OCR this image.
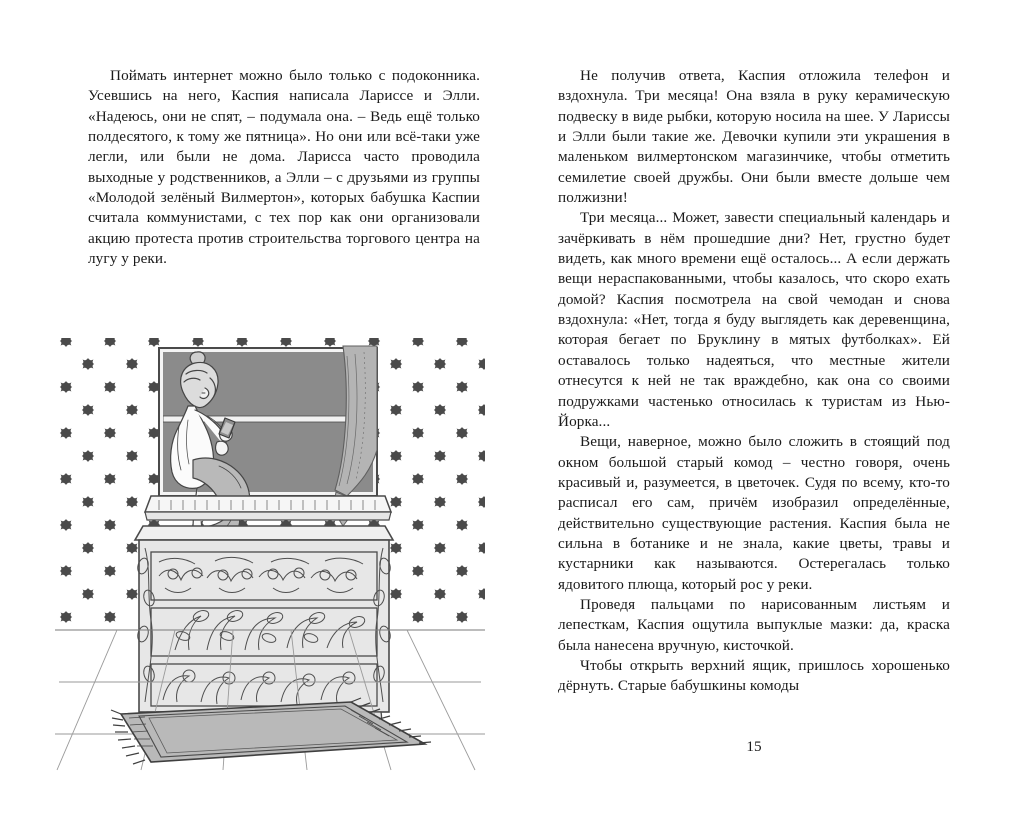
Поймать интернет можно было только с подоконника. Усевшись на него, Каспия написала Лариссе и Элли. «Надеюсь, они не спят, – подумала она. – Ведь ещё только полдесятого, к тому же пятница». Но они или всё-таки уже легли, или были не дома. Ларисса часто проводила выходные у родственников, а Элли – с друзьями из группы «Молодой зелёный Вилмертон», которых бабушка Каспии считала коммунистами, с тех пор как они организовали акцию протеста против строительства торгового центра на лугу у реки.

Не получив ответа, Каспия отложила телефон и вздохнула. Три месяца! Она взяла в руку керамическую подвеску в виде рыбки, которую носила на шее. У Лариссы и Элли были такие же. Девочки купили эти украшения в маленьком вилмертонском магазинчике, чтобы отметить семилетие своей дружбы. Они были вместе дольше чем полжизни!

Три месяца... Может, завести специальный календарь и зачёркивать в нём прошедшие дни? Нет, грустно будет видеть, как много времени ещё осталось... А если держать вещи нераспакованными, чтобы казалось, что скоро ехать домой? Каспия посмотрела на свой чемодан и снова вздохнула: «Нет, тогда я буду выглядеть как деревенщина, которая бегает по Бруклину в мятых футболках». Ей оставалось только надеяться, что местные жители отнесутся к ней не так враждебно, как она со своими подружками частенько относилась к туристам из Нью-Йорка...

Вещи, наверное, можно было сложить в стоящий под окном большой старый комод – честно говоря, очень красивый и, разумеется, в цветочек. Судя по всему, кто-то расписал его сам, причём изобразил определённые, действительно существующие растения. Каспия была не сильна в ботанике и не знала, какие цветы, травы и кустарники как называются. Остерегалась только ядовитого плюща, который рос у реки.

Проведя пальцами по нарисованным листьям и лепесткам, Каспия ощутила выпуклые мазки: да, краска была нанесена вручную, кисточкой.

Чтобы открыть верхний ящик, пришлось хорошенько дёрнуть. Старые бабушкины комоды

15
